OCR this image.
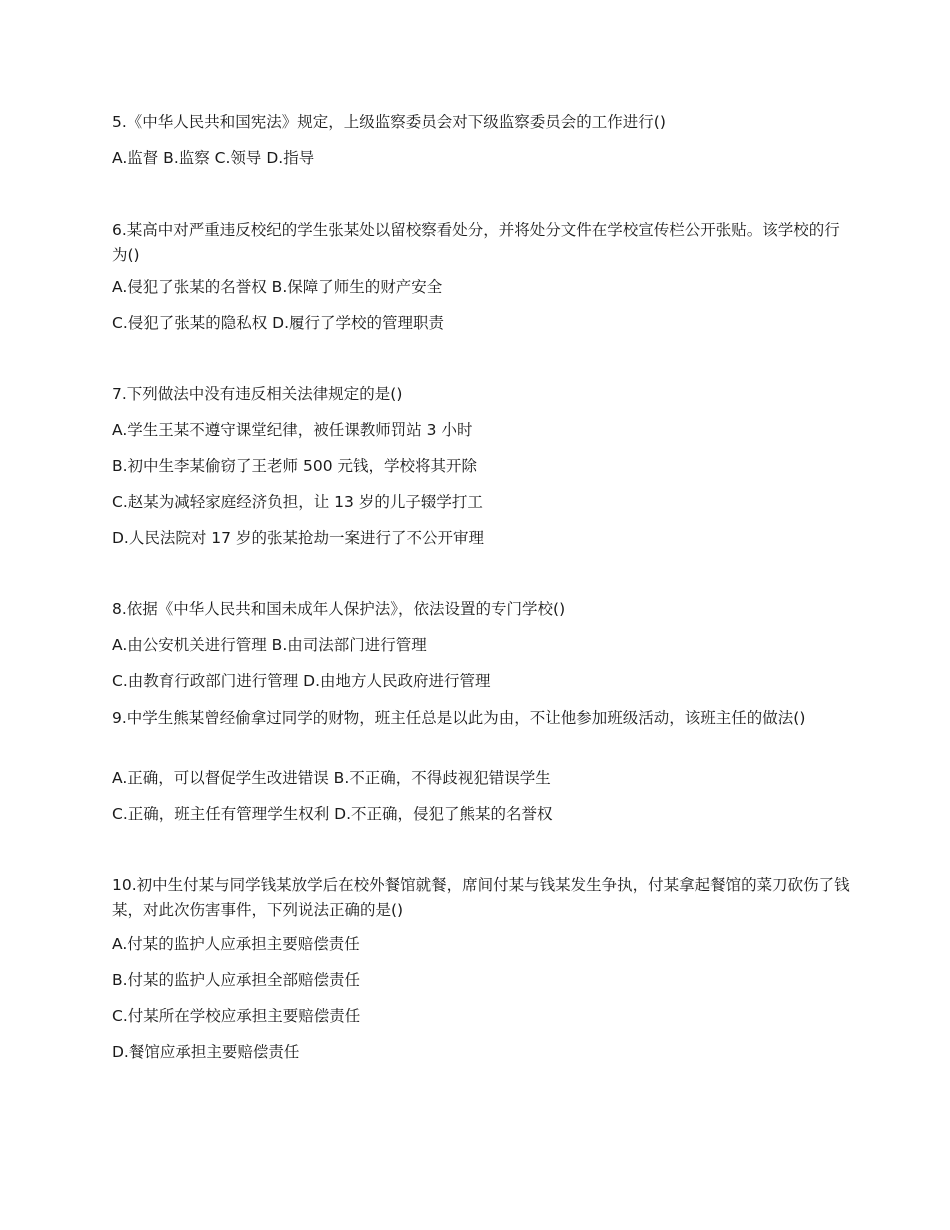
5.《中华人民共和国宪法》规定，上级监察委员会对下级监察委员会的工作进行()

A.监督 B.监察 C.领导 D.指导

6.某高中对严重违反校纪的学生张某处以留校察看处分，并将处分文件在学校宣传栏公开张贴。该学校的行为()

A.侵犯了张某的名誉权 B.保障了师生的财产安全

C.侵犯了张某的隐私权 D.履行了学校的管理职责

7.下列做法中没有违反相关法律规定的是()

A.学生王某不遵守课堂纪律，被任课教师罚站 3 小时

B.初中生李某偷窃了王老师 500 元钱，学校将其开除

C.赵某为减轻家庭经济负担，让 13 岁的儿子辍学打工

D.人民法院对 17 岁的张某抢劫一案进行了不公开审理

8.依据《中华人民共和国未成年人保护法》，依法设置的专门学校()

A.由公安机关进行管理 B.由司法部门进行管理

C.由教育行政部门进行管理 D.由地方人民政府进行管理

9.中学生熊某曾经偷拿过同学的财物，班主任总是以此为由，不让他参加班级活动，该班主任的做法()

A.正确，可以督促学生改进错误 B.不正确，不得歧视犯错误学生

C.正确，班主任有管理学生权利 D.不正确，侵犯了熊某的名誉权

10.初中生付某与同学钱某放学后在校外餐馆就餐，席间付某与钱某发生争执，付某拿起餐馆的菜刀砍伤了钱某，对此次伤害事件，下列说法正确的是()

A.付某的监护人应承担主要赔偿责任

B.付某的监护人应承担全部赔偿责任

C.付某所在学校应承担主要赔偿责任

D.餐馆应承担主要赔偿责任
